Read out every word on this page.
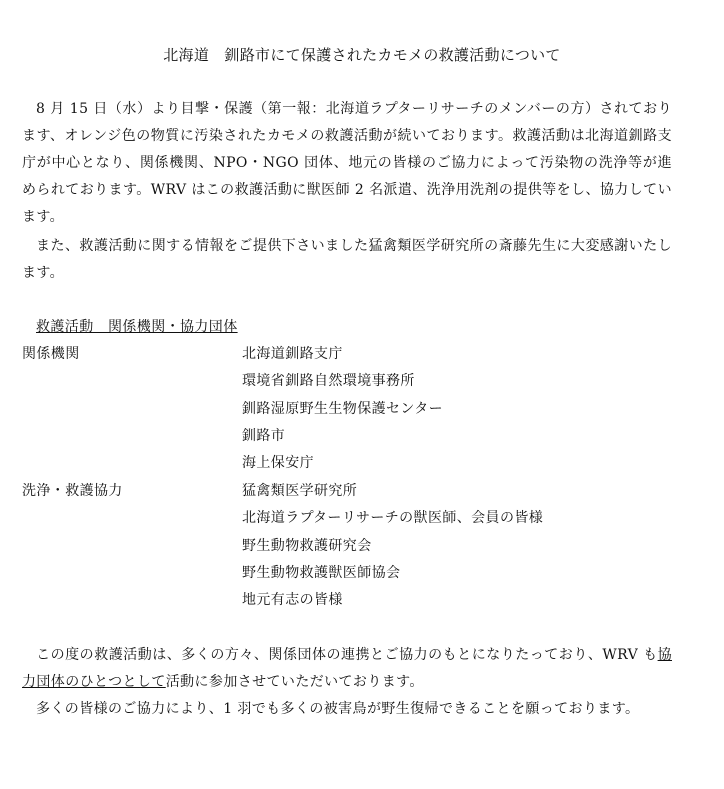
北海道　釧路市にて保護されたカモメの救護活動について

8 月 15 日（水）より目撃・保護（第一報：北海道ラプターリサーチのメンバーの方）されております、オレンジ色の物質に汚染されたカモメの救護活動が続いております。救護活動は北海道釧路支庁が中心となり、関係機関、NPO・NGO 団体、地元の皆様のご協力によって汚染物の洗浄等が進められております。WRV はこの救護活動に獣医師 2 名派遣、洗浄用洗剤の提供等をし、協力しています。

また、救護活動に関する情報をご提供下さいました猛禽類医学研究所の斎藤先生に大変感謝いたします。

救護活動　関係機関・協力団体
関係機関	北海道釧路支庁
環境省釧路自然環境事務所
釧路湿原野生生物保護センター
釧路市
海上保安庁
洗浄・救護協力	猛禽類医学研究所
北海道ラプターリサーチの獣医師、会員の皆様
野生動物救護研究会
野生動物救護獣医師協会
地元有志の皆様

この度の救護活動は、多くの方々、関係団体の連携とご協力のもとになりたっており、WRV も協力団体のひとつとして活動に参加させていただいております。

多くの皆様のご協力により、1 羽でも多くの被害鳥が野生復帰できることを願っております。
